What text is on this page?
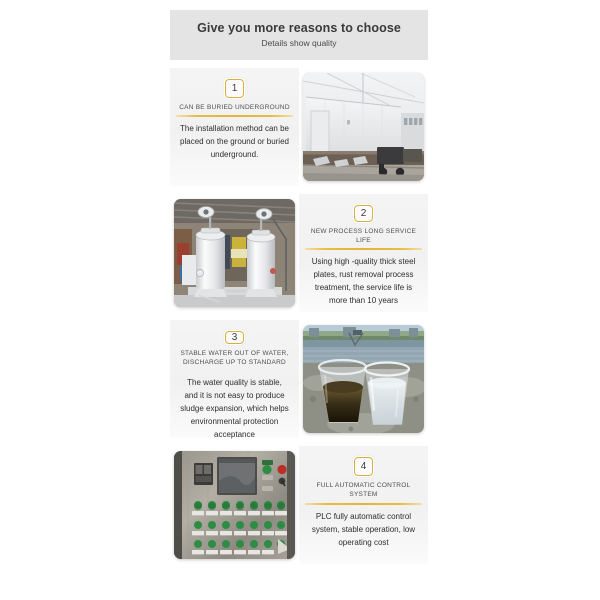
Give you more reasons to choose
Details show quality
1
CAN BE BURIED UNDERGROUND
The installation method can be placed on the ground or buried underground.
2
NEW PROCESS LONG SERVICE LIFE
Using high -quality thick steel plates, rust removal process treatment, the service life is more than 10 years
3
STABLE WATER OUT OF WATER, DISCHARGE UP TO STANDARD
The water quality is stable, and it is not easy to produce sludge expansion, which helps environmental protection acceptance
4
FULL AUTOMATIC CONTROL SYSTEM
PLC fully automatic control system, stable operation, low operating cost
